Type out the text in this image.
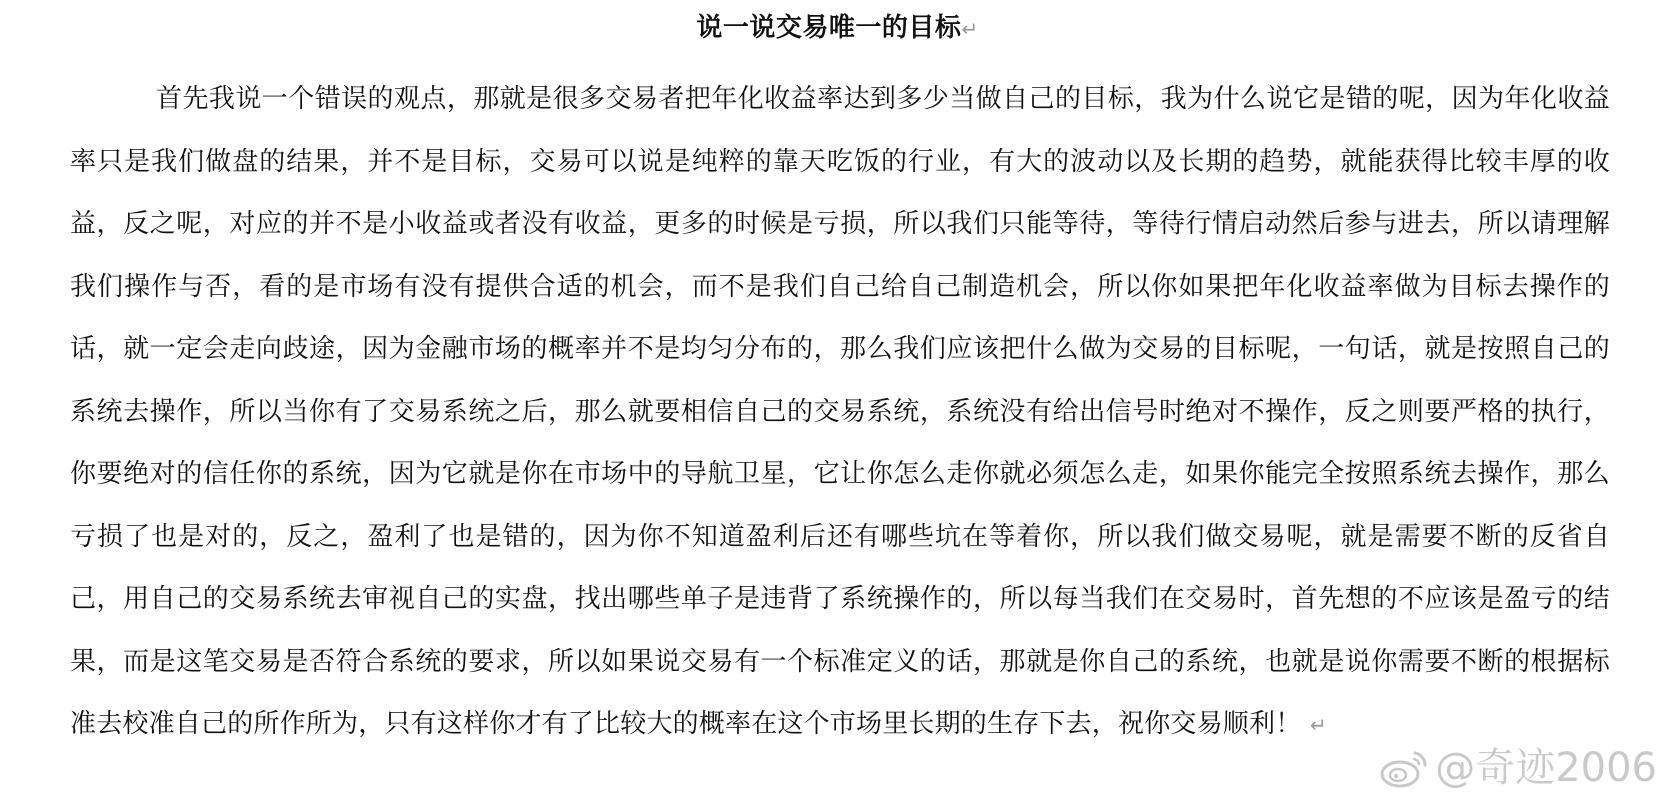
说一说交易唯一的目标↵

首先我说一个错误的观点，那就是很多交易者把年化收益率达到多少当做自己的目标，我为什么说它是错的呢，因为年化收益率只是我们做盘的结果，并不是目标，交易可以说是纯粹的靠天吃饭的行业，有大的波动以及长期的趋势，就能获得比较丰厚的收益，反之呢，对应的并不是小收益或者没有收益，更多的时候是亏损，所以我们只能等待，等待行情启动然后参与进去，所以请理解我们操作与否，看的是市场有没有提供合适的机会，而不是我们自己给自己制造机会，所以你如果把年化收益率做为目标去操作的话，就一定会走向歧途，因为金融市场的概率并不是均匀分布的，那么我们应该把什么做为交易的目标呢，一句话，就是按照自己的系统去操作，所以当你有了交易系统之后，那么就要相信自己的交易系统，系统没有给出信号时绝对不操作，反之则要严格的执行，你要绝对的信任你的系统，因为它就是你在市场中的导航卫星，它让你怎么走你就必须怎么走，如果你能完全按照系统去操作，那么亏损了也是对的，反之，盈利了也是错的，因为你不知道盈利后还有哪些坑在等着你，所以我们做交易呢，就是需要不断的反省自己，用自己的交易系统去审视自己的实盘，找出哪些单子是违背了系统操作的，所以每当我们在交易时，首先想的不应该是盈亏的结果，而是这笔交易是否符合系统的要求，所以如果说交易有一个标准定义的话，那就是你自己的系统，也就是说你需要不断的根据标准去校准自己的所作所为，只有这样你才有了比较大的概率在这个市场里长期的生存下去，祝你交易顺利！ ↵

@奇迹2006
